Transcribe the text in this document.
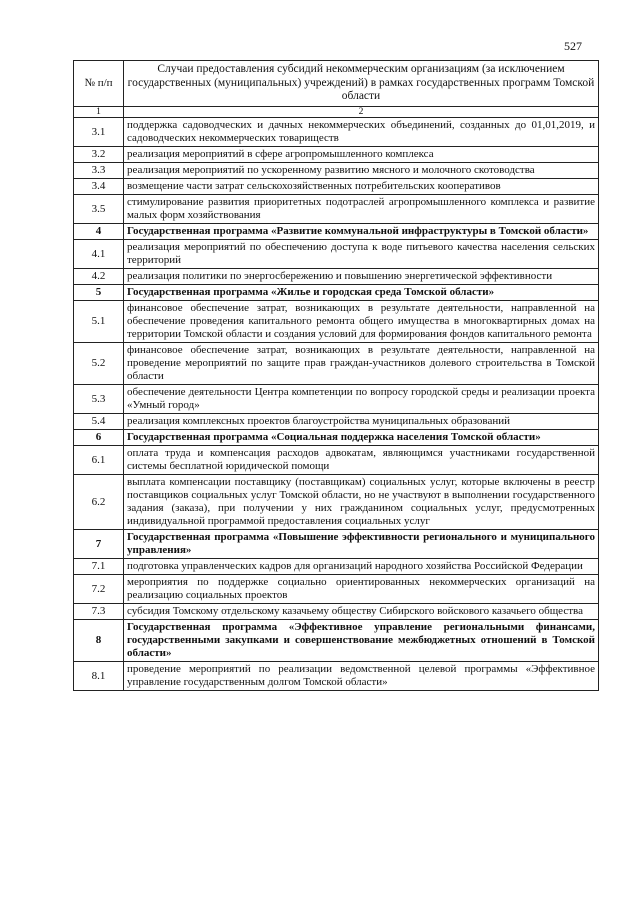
527
№ п/п	Случаи предоставления субсидий некоммерческим организациям (за исключением государственных (муниципальных) учреждений) в рамках государственных программ Томской области
1	2
3.1	поддержка садоводческих и дачных некоммерческих объединений, созданных до 01,01,2019, и садоводческих некоммерческих товариществ
3.2	реализация мероприятий в сфере агропромышленного комплекса
3.3	реализация мероприятий по ускоренному развитию мясного и молочного скотоводства
3.4	возмещение части затрат сельскохозяйственных потребительских кооперативов
3.5	стимулирование развития приоритетных подотраслей агропромышленного комплекса и развитие малых форм хозяйствования
4	Государственная программа «Развитие коммунальной инфраструктуры в Томской области»
4.1	реализация мероприятий по обеспечению доступа к воде питьевого качества населения сельских территорий
4.2	реализация политики по энергосбережению и повышению энергетической эффективности
5	Государственная программа «Жилье и городская среда Томской области»
5.1	финансовое обеспечение затрат, возникающих в результате деятельности, направленной на обеспечение проведения капитального ремонта общего имущества в многоквартирных домах на территории Томской области и создания условий для формирования фондов капитального ремонта
5.2	финансовое обеспечение затрат, возникающих в результате деятельности, направленной на проведение мероприятий по защите прав граждан-участников долевого строительства в Томской области
5.3	обеспечение деятельности Центра компетенции по вопросу городской среды и реализации проекта «Умный город»
5.4	реализация комплексных проектов благоустройства муниципальных образований
6	Государственная программа «Социальная поддержка населения Томской области»
6.1	оплата труда и компенсация расходов адвокатам, являющимся участниками государственной системы бесплатной юридической помощи
6.2	выплата компенсации поставщику (поставщикам) социальных услуг, которые включены в реестр поставщиков социальных услуг Томской области, но не участвуют в выполнении государственного задания (заказа), при получении у них гражданином социальных услуг, предусмотренных индивидуальной программой предоставления социальных услуг
7	Государственная программа «Повышение эффективности регионального и муниципального управления»
7.1	подготовка управленческих кадров для организаций народного хозяйства Российской Федерации
7.2	мероприятия по поддержке социально ориентированных некоммерческих организаций на реализацию социальных проектов
7.3	субсидия Томскому отдельскому казачьему обществу Сибирского войскового казачьего общества
8	Государственная программа «Эффективное управление региональными финансами, государственными закупками и совершенствование межбюджетных отношений в Томской области»
8.1	проведение мероприятий по реализации ведомственной целевой программы «Эффективное управление государственным долгом Томской области»
